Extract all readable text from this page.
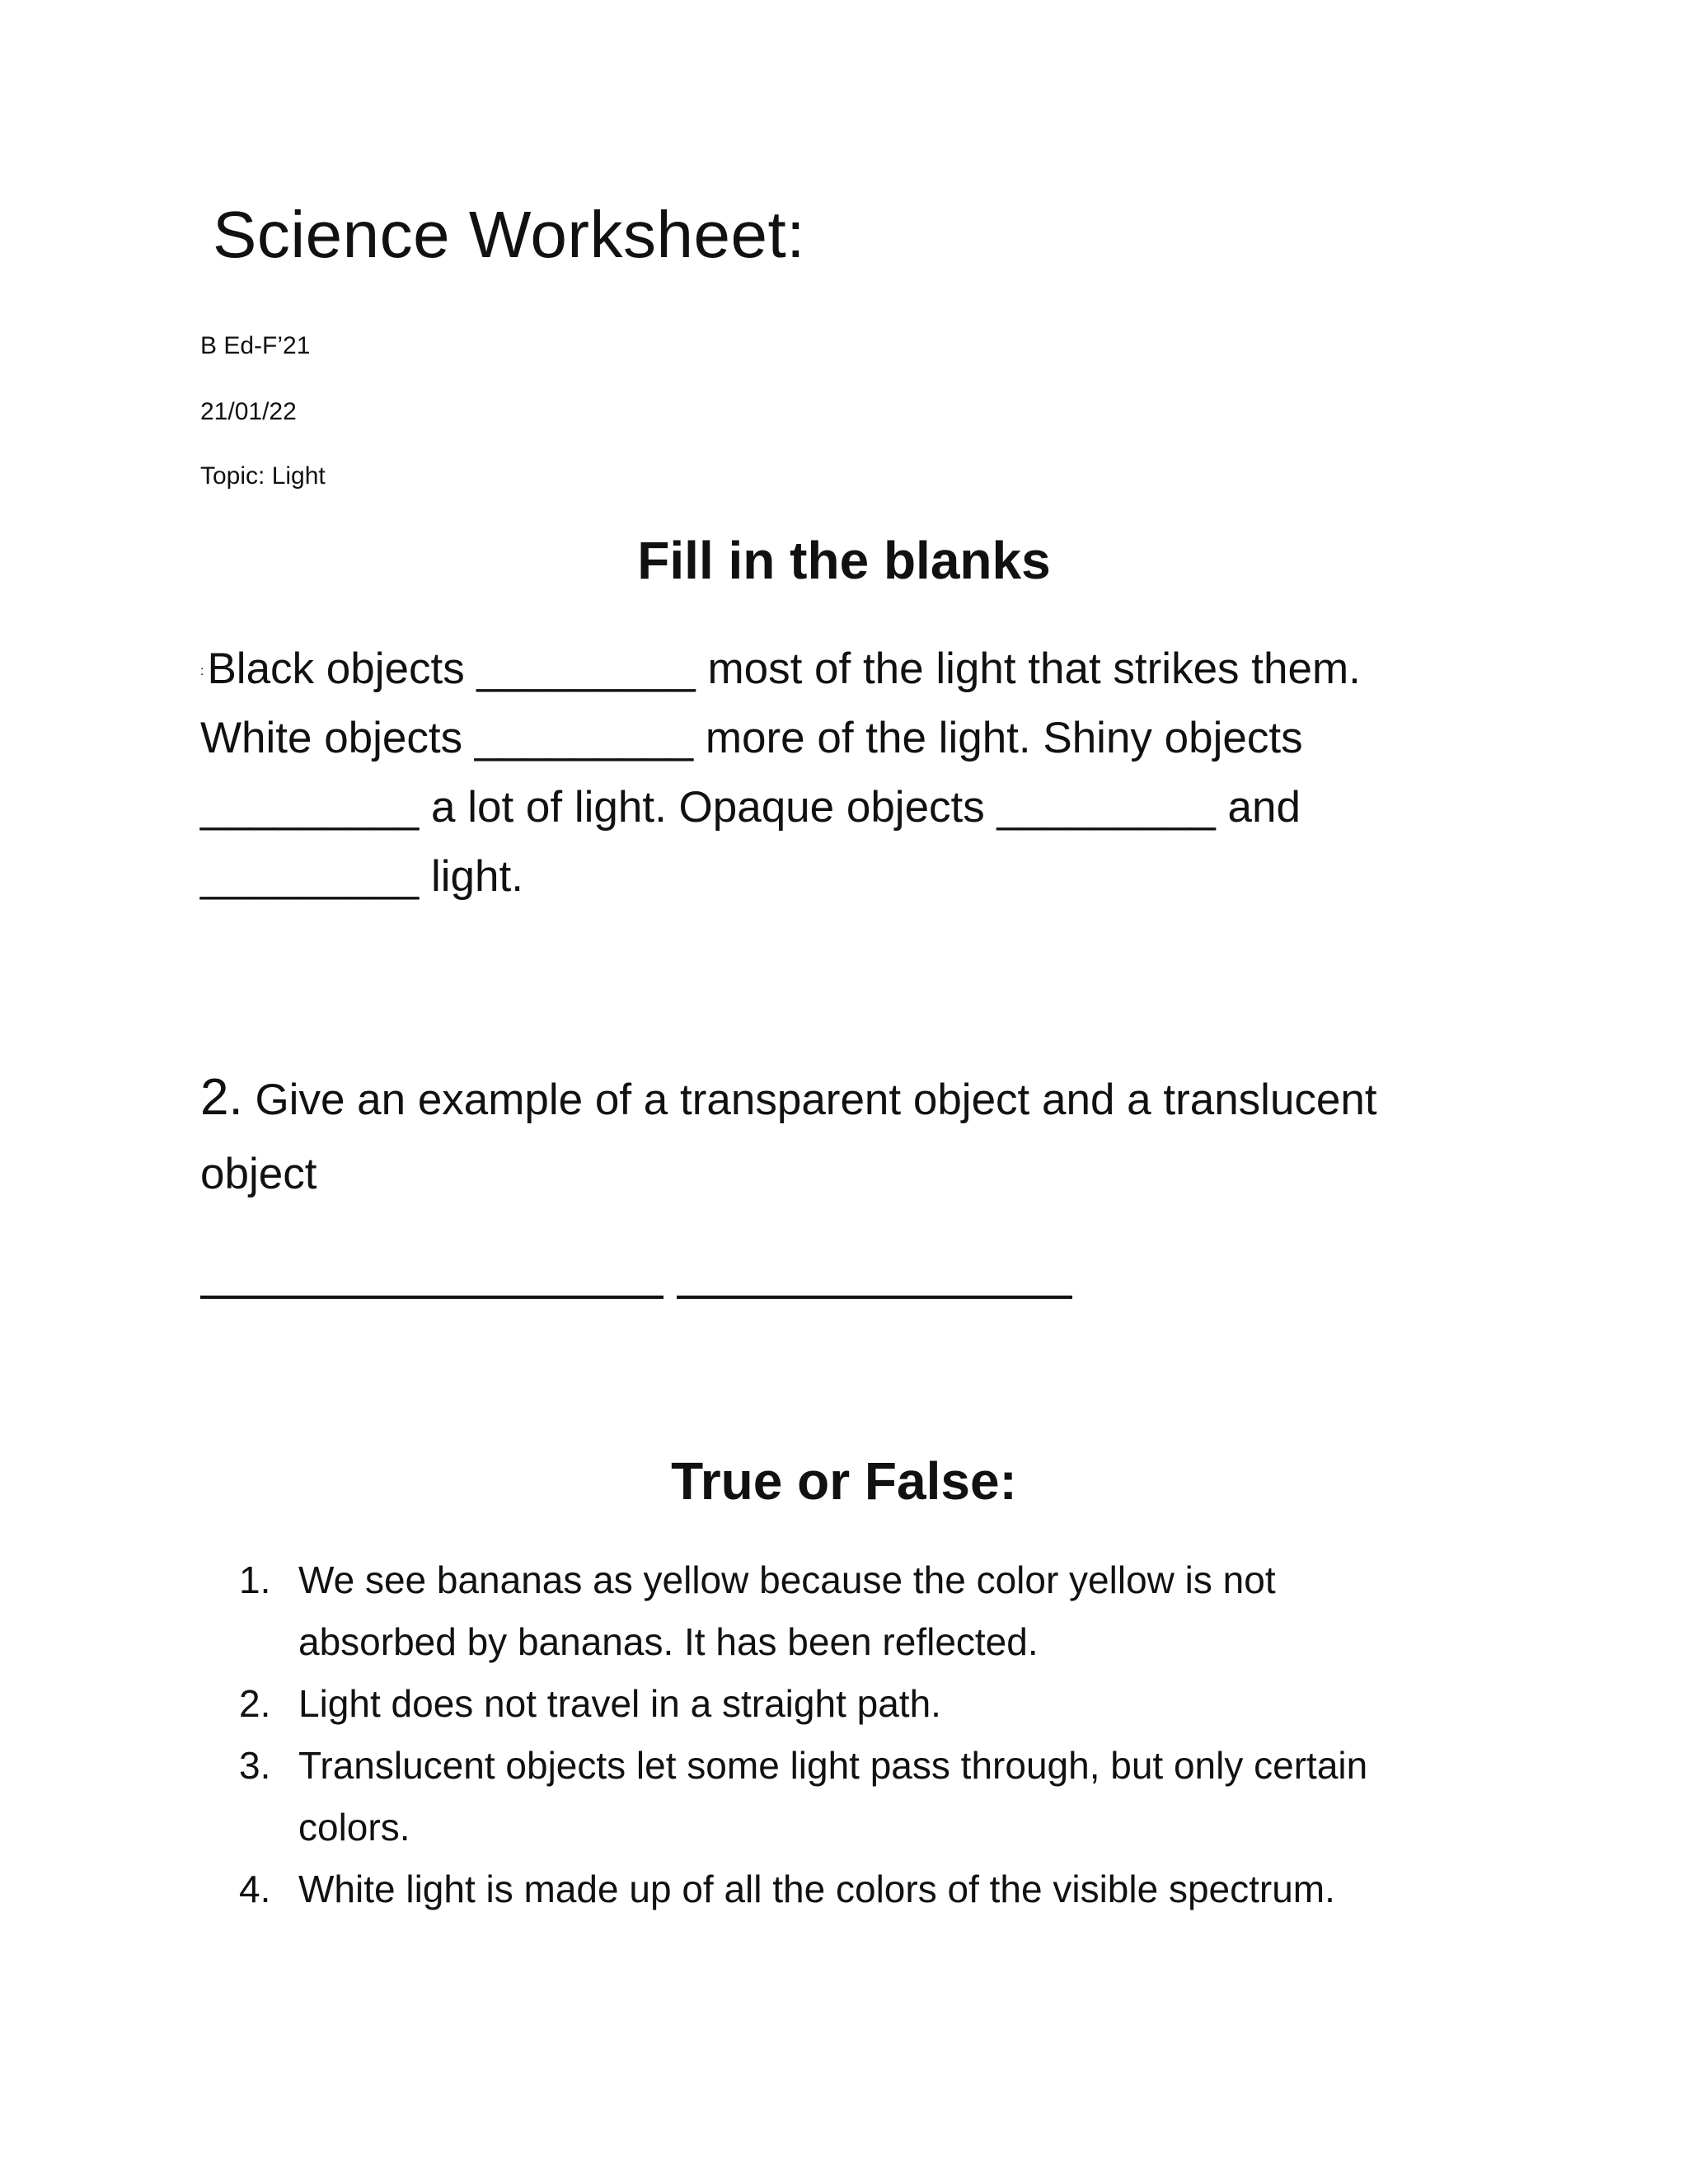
Science Worksheet:
B Ed-F’21
21/01/22
Topic: Light
Fill in the blanks
:Black objects _________ most of the light that strikes them.
White objects _________ more of the light. Shiny objects
_________ a lot of light. Opaque objects _________ and
_________ light.
2. Give an example of a transparent object and a translucent
object
True or False:
1. We see bananas as yellow because the color yellow is not
absorbed by bananas. It has been reflected.
2. Light does not travel in a straight path.
3. Translucent objects let some light pass through, but only certain
colors.
4. White light is made up of all the colors of the visible spectrum.
